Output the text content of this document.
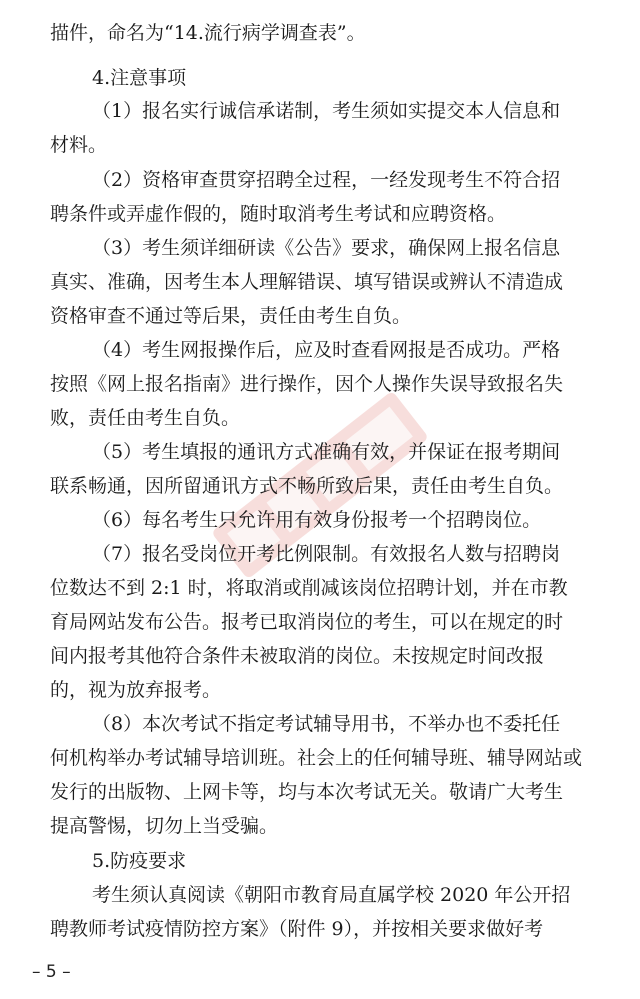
描件，命名为“14.流行病学调查表”。
4.注意事项
（1）报名实行诚信承诺制，考生须如实提交本人信息和
材料。
（2）资格审查贯穿招聘全过程，一经发现考生不符合招
聘条件或弄虚作假的，随时取消考生考试和应聘资格。
（3）考生须详细研读《公告》要求，确保网上报名信息
真实、准确，因考生本人理解错误、填写错误或辨认不清造成
资格审查不通过等后果，责任由考生自负。
（4）考生网报操作后，应及时查看网报是否成功。严格
按照《网上报名指南》进行操作，因个人操作失误导致报名失
败，责任由考生自负。
（5）考生填报的通讯方式准确有效，并保证在报考期间
联系畅通，因所留通讯方式不畅所致后果，责任由考生自负。
（6）每名考生只允许用有效身份报考一个招聘岗位。
（7）报名受岗位开考比例限制。有效报名人数与招聘岗
位数达不到 2:1 时，将取消或削减该岗位招聘计划，并在市教
育局网站发布公告。报考已取消岗位的考生，可以在规定的时
间内报考其他符合条件未被取消的岗位。未按规定时间改报
的，视为放弃报考。
（8）本次考试不指定考试辅导用书，不举办也不委托任
何机构举办考试辅导培训班。社会上的任何辅导班、辅导网站或
发行的出版物、上网卡等，均与本次考试无关。敬请广大考生
提高警惕，切勿上当受骗。
5.防疫要求
考生须认真阅读《朝阳市教育局直属学校 2020 年公开招
聘教师考试疫情防控方案》（附件 9），并按相关要求做好考
– 5 –
